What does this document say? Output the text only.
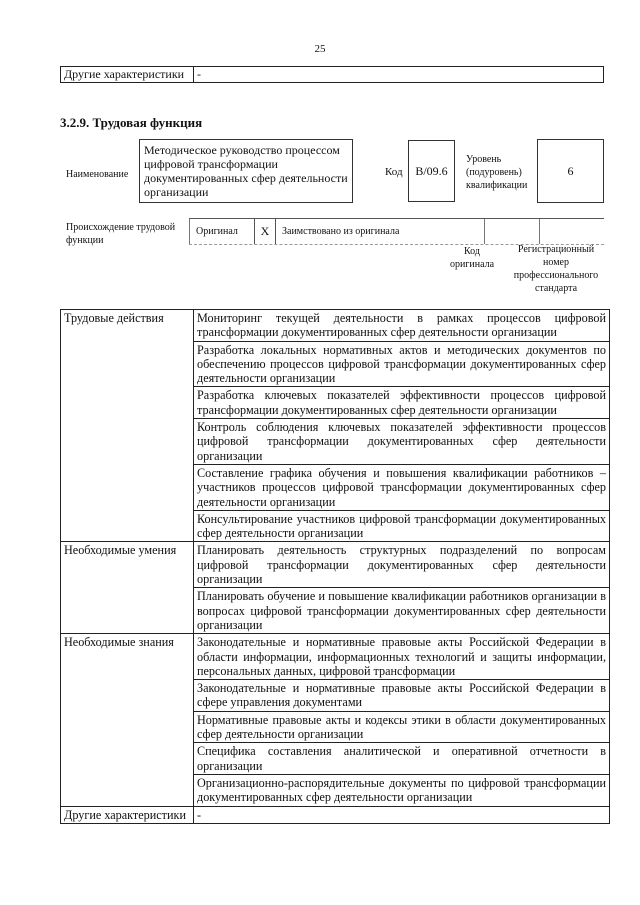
25
Другие характеристики	-
3.2.9. Трудовая функция
Наименование
Методическое руководство процессом цифровой трансформации документированных сфер деятельности организации
Код	B/09.6
Уровень (подуровень) квалификации
6
Происхождение трудовой функции
Оригинал	X	Заимствовано из оригинала
Код оригинала
Регистрационный номер профессионального стандарта
Трудовые действия	Мониторинг текущей деятельности в рамках процессов цифровой трансформации документированных сфер деятельности организации
	Разработка локальных нормативных актов и методических документов по обеспечению процессов цифровой трансформации документированных сфер деятельности организации
	Разработка ключевых показателей эффективности процессов цифровой трансформации документированных сфер деятельности организации
	Контроль соблюдения ключевых показателей эффективности процессов цифровой трансформации документированных сфер деятельности организации
	Составление графика обучения и повышения квалификации работников – участников процессов цифровой трансформации документированных сфер деятельности организации
	Консультирование участников цифровой трансформации документированных сфер деятельности организации
Необходимые умения	Планировать деятельность структурных подразделений по вопросам цифровой трансформации документированных сфер деятельности организации
	Планировать обучение и повышение квалификации работников организации в вопросах цифровой трансформации документированных сфер деятельности организации
Необходимые знания	Законодательные и нормативные правовые акты Российской Федерации в области информации, информационных технологий и защиты информации, персональных данных, цифровой трансформации
	Законодательные и нормативные правовые акты Российской Федерации в сфере управления документами
	Нормативные правовые акты и кодексы этики в области документированных сфер деятельности организации
	Специфика составления аналитической и оперативной отчетности в организации
	Организационно-распорядительные документы по цифровой трансформации документированных сфер деятельности организации
Другие характеристики	-
